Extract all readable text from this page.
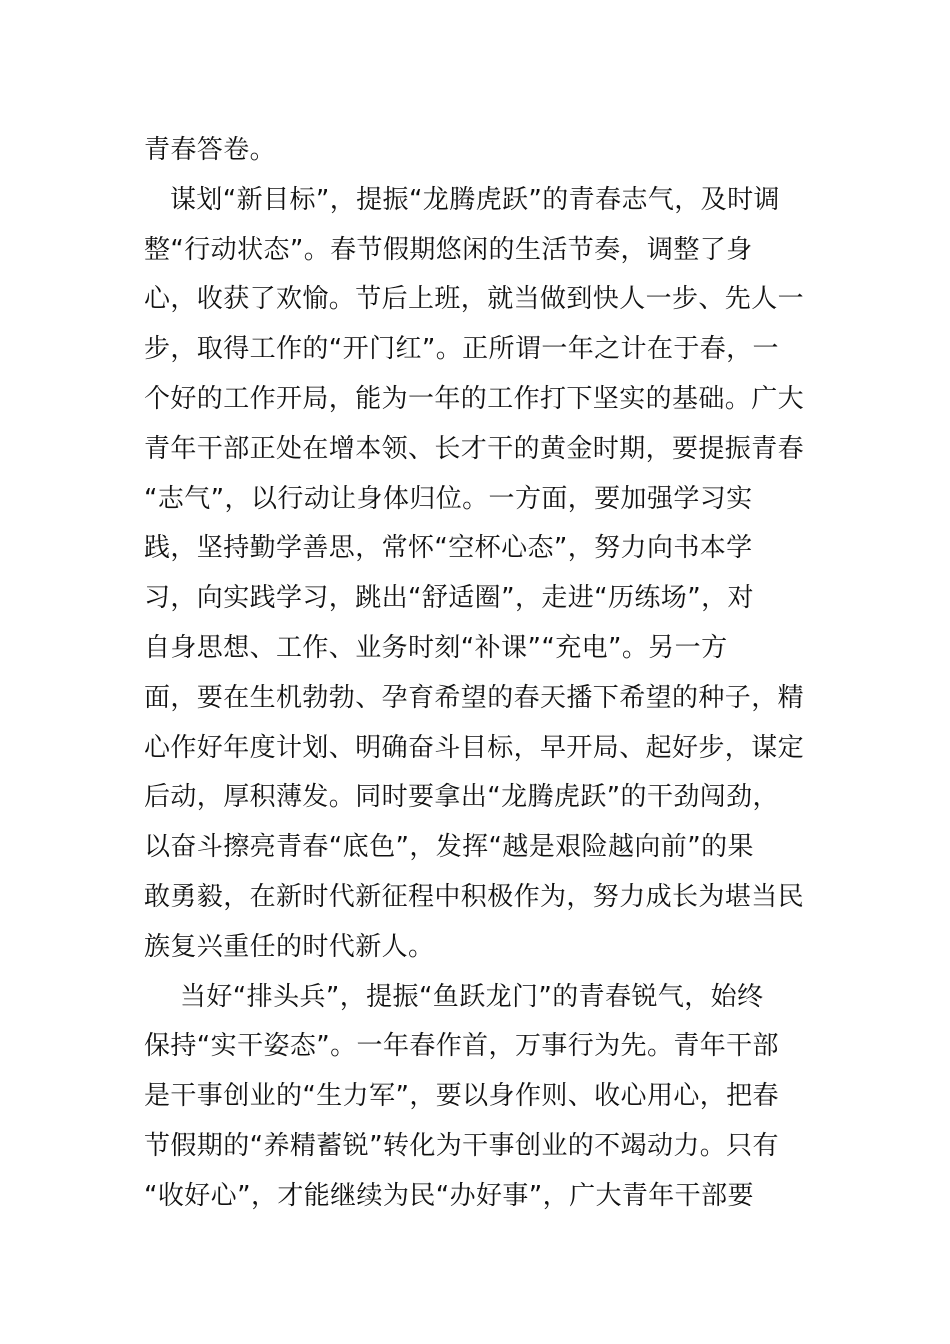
青春答卷。
谋划“新目标”，提振“龙腾虎跃”的青春志气，及时调
整“行动状态”。春节假期悠闲的生活节奏，调整了身
心，收获了欢愉。节后上班，就当做到快人一步、先人一
步，取得工作的“开门红”。正所谓一年之计在于春，一
个好的工作开局，能为一年的工作打下坚实的基础。广大
青年干部正处在增本领、长才干的黄金时期，要提振青春
“志气”，以行动让身体归位。一方面，要加强学习实
践，坚持勤学善思，常怀“空杯心态”，努力向书本学
习，向实践学习，跳出“舒适圈”，走进“历练场”，对
自身思想、工作、业务时刻“补课”“充电”。另一方
面，要在生机勃勃、孕育希望的春天播下希望的种子，精
心作好年度计划、明确奋斗目标，早开局、起好步，谋定
后动，厚积薄发。同时要拿出“龙腾虎跃”的干劲闯劲，
以奋斗擦亮青春“底色”，发挥“越是艰险越向前”的果
敢勇毅，在新时代新征程中积极作为，努力成长为堪当民
族复兴重任的时代新人。
当好“排头兵”，提振“鱼跃龙门”的青春锐气，始终
保持“实干姿态”。一年春作首，万事行为先。青年干部
是干事创业的“生力军”，要以身作则、收心用心，把春
节假期的“养精蓄锐”转化为干事创业的不竭动力。只有
“收好心”，才能继续为民“办好事”，广大青年干部要
